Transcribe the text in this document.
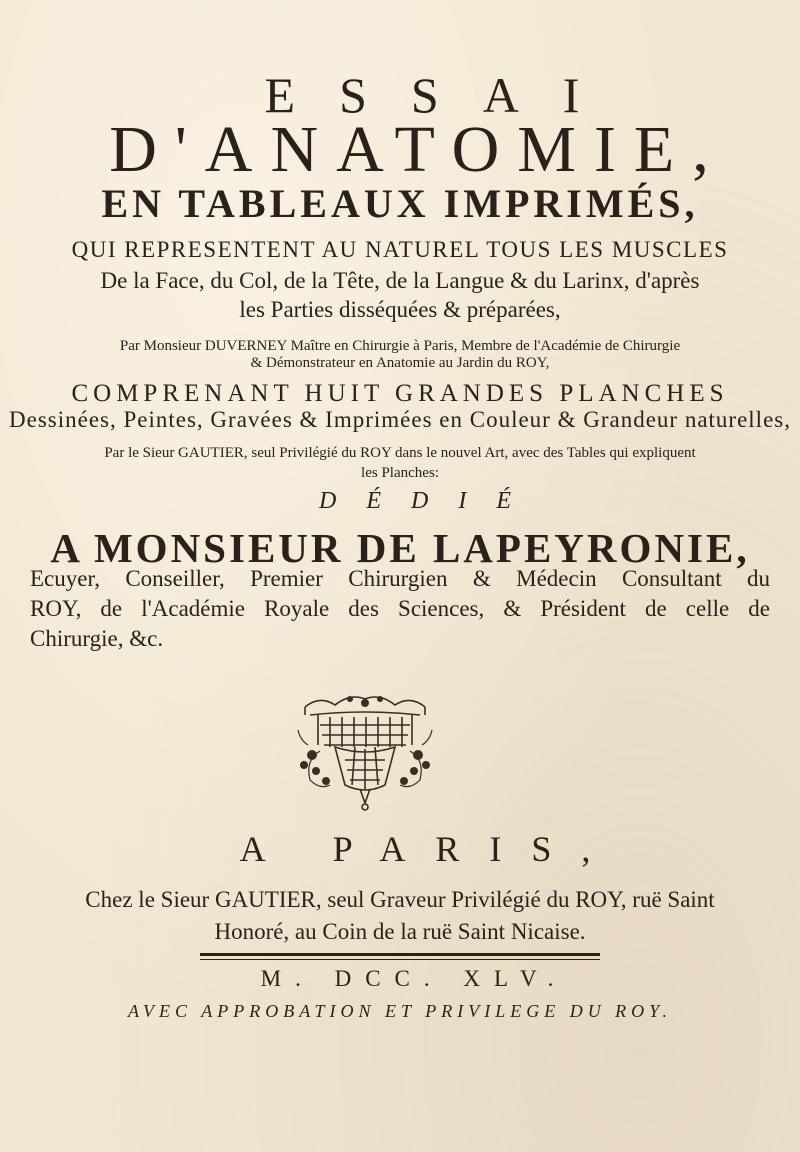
ESSAI
D'ANATOMIE,
EN TABLEAUX IMPRIMÉS,
QUI REPRESENTENT AU NATUREL TOUS LES MUSCLES
De la Face, du Col, de la Tête, de la Langue & du Larinx, d'après
les Parties disséquées & préparées,
Par Monsieur DUVERNEY Maître en Chirurgie à Paris, Membre de l'Académie de Chirurgie
& Démonstrateur en Anatomie au Jardin du ROY,
COMPRENANT HUIT GRANDES PLANCHES
Dessinées, Peintes, Gravées & Imprimées en Couleur & Grandeur naturelles,
Par le Sieur GAUTIER, seul Privilégié du ROY dans le nouvel Art, avec des Tables qui expliquent
les Planches:
DÉDIÉ
A MONSIEUR DE LAPEYRONIE,
Ecuyer, Conseiller, Premier Chirurgien & Médecin Consultant du
ROY, de l'Académie Royale des Sciences, & Président de celle de
Chirurgie, &c.
A PARIS,
Chez le Sieur GAUTIER, seul Graveur Privilégié du ROY, ruë Saint
Honoré, au Coin de la ruë Saint Nicaise.
M. DCC. XLV.
AVEC APPROBATION ET PRIVILEGE DU ROY.
